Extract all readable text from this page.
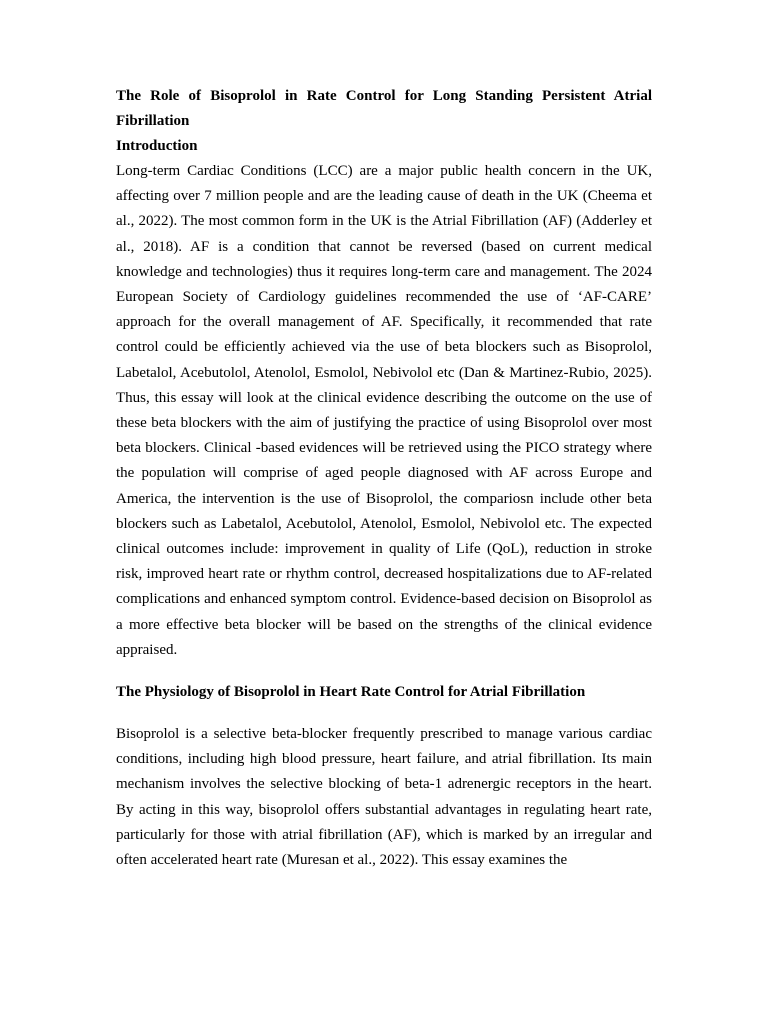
The Role of Bisoprolol in Rate Control for Long Standing Persistent Atrial Fibrillation
Introduction

Long-term Cardiac Conditions (LCC) are a major public health concern in the UK, affecting over 7 million people and are the leading cause of death in the UK (Cheema et al., 2022). The most common form in the UK is the Atrial Fibrillation (AF) (Adderley et al., 2018). AF is a condition that cannot be reversed (based on current medical knowledge and technologies) thus it requires long-term care and management. The 2024 European Society of Cardiology guidelines recommended the use of ‘AF-CARE’ approach for the overall management of AF. Specifically, it recommended that rate control could be efficiently achieved via the use of beta blockers such as Bisoprolol, Labetalol, Acebutolol, Atenolol, Esmolol, Nebivolol etc (Dan & Martinez-Rubio, 2025). Thus, this essay will look at the clinical evidence describing the outcome on the use of these beta blockers with the aim of justifying the practice of using Bisoprolol over most beta blockers. Clinical -based evidences will be retrieved using the PICO strategy where the population will comprise of aged people diagnosed with AF across Europe and America, the intervention is the use of Bisoprolol, the compariosn include other beta blockers such as Labetalol, Acebutolol, Atenolol, Esmolol, Nebivolol etc. The expected clinical outcomes include: improvement in quality of Life (QoL), reduction in stroke risk, improved heart rate or rhythm control, decreased hospitalizations due to AF-related complications and enhanced symptom control. Evidence-based decision on Bisoprolol as a more effective beta blocker will be based on the strengths of the clinical evidence appraised.

The Physiology of Bisoprolol in Heart Rate Control for Atrial Fibrillation

Bisoprolol is a selective beta-blocker frequently prescribed to manage various cardiac conditions, including high blood pressure, heart failure, and atrial fibrillation. Its main mechanism involves the selective blocking of beta-1 adrenergic receptors in the heart. By acting in this way, bisoprolol offers substantial advantages in regulating heart rate, particularly for those with atrial fibrillation (AF), which is marked by an irregular and often accelerated heart rate (Muresan et al., 2022). This essay examines the
